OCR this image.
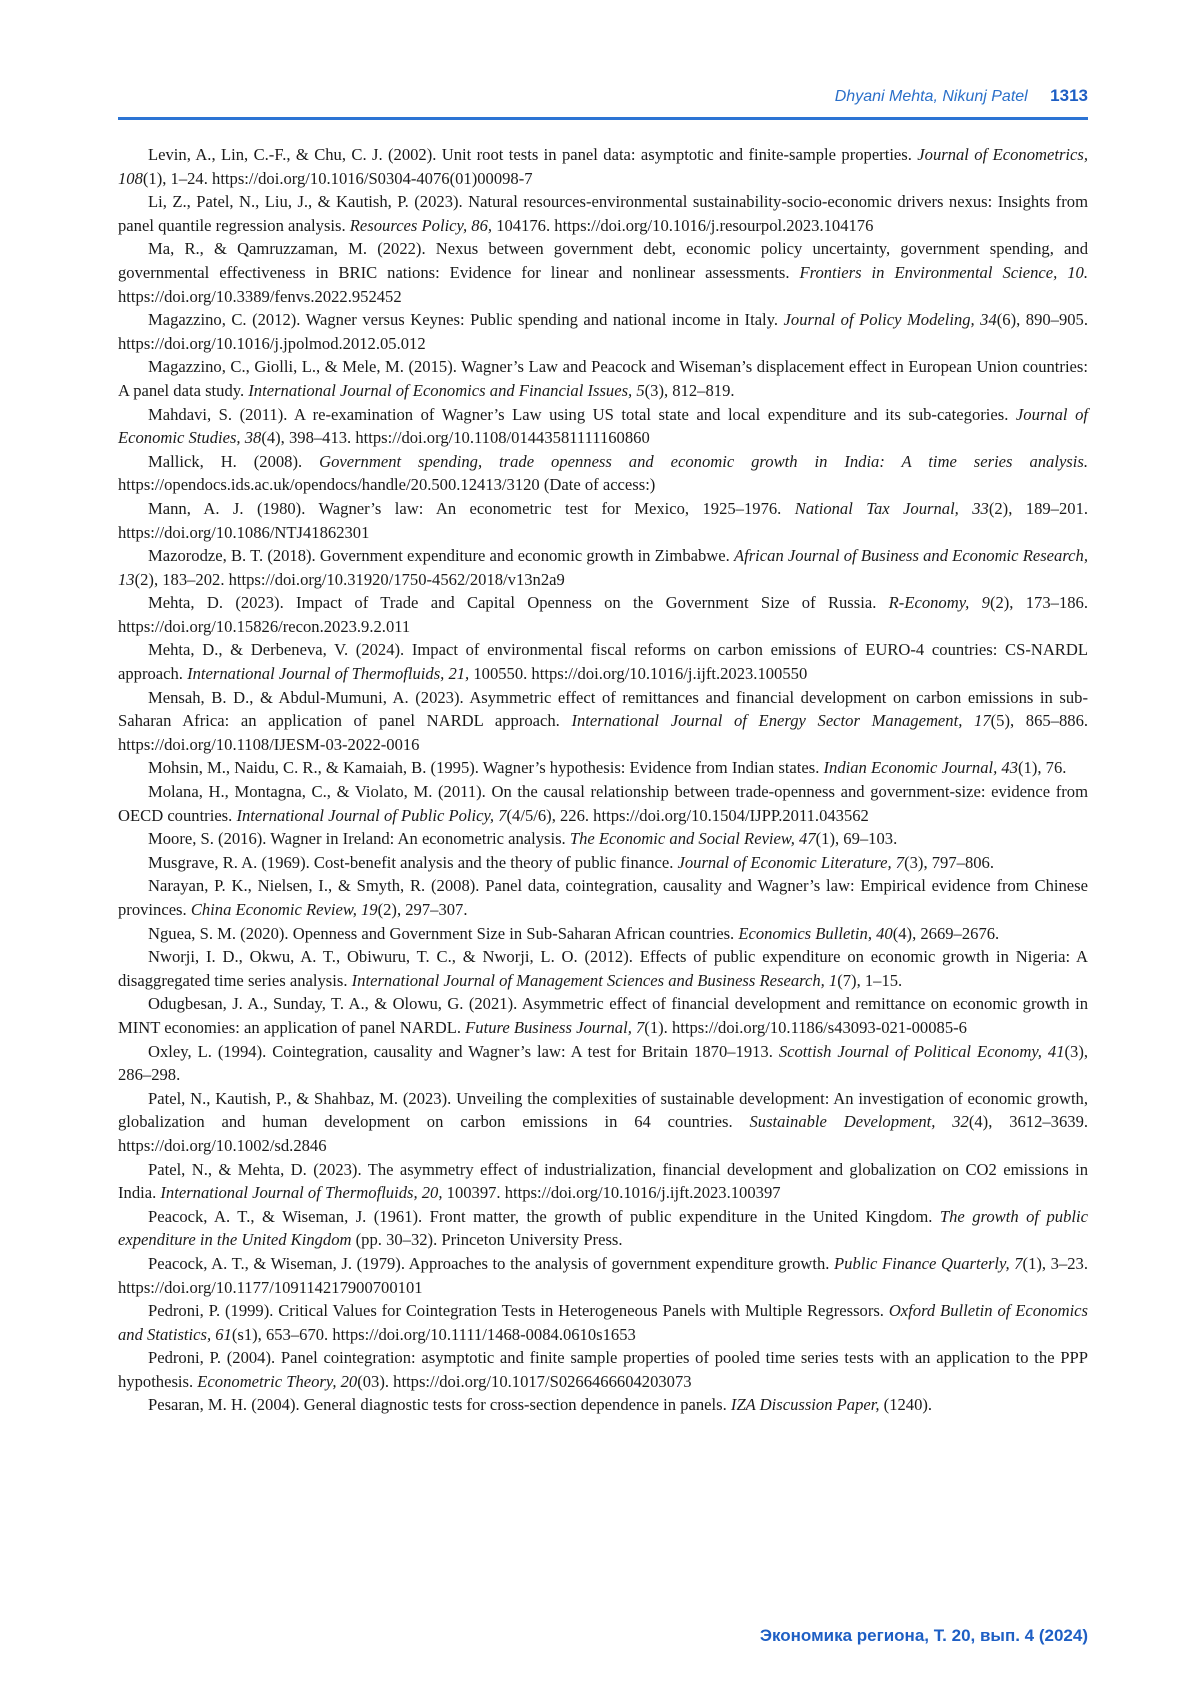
Dhyani Mehta, Nikunj Patel 1313

Levin, A., Lin, C.-F., & Chu, C. J. (2002). Unit root tests in panel data: asymptotic and finite-sample properties. Journal of Econometrics, 108(1), 1–24. https://doi.org/10.1016/S0304-4076(01)00098-7

Li, Z., Patel, N., Liu, J., & Kautish, P. (2023). Natural resources-environmental sustainability-socio-economic drivers nexus: Insights from panel quantile regression analysis. Resources Policy, 86, 104176. https://doi.org/10.1016/j.resourpol.2023.104176

Ma, R., & Qamruzzaman, M. (2022). Nexus between government debt, economic policy uncertainty, government spending, and governmental effectiveness in BRIC nations: Evidence for linear and nonlinear assessments. Frontiers in Environmental Science, 10. https://doi.org/10.3389/fenvs.2022.952452

Magazzino, C. (2012). Wagner versus Keynes: Public spending and national income in Italy. Journal of Policy Modeling, 34(6), 890–905. https://doi.org/10.1016/j.jpolmod.2012.05.012

Magazzino, C., Giolli, L., & Mele, M. (2015). Wagner’s Law and Peacock and Wiseman’s displacement effect in European Union countries: A panel data study. International Journal of Economics and Financial Issues, 5(3), 812–819.

Mahdavi, S. (2011). A re-examination of Wagner’s Law using US total state and local expenditure and its sub-categories. Journal of Economic Studies, 38(4), 398–413. https://doi.org/10.1108/01443581111160860

Mallick, H. (2008). Government spending, trade openness and economic growth in India: A time series analysis. https://opendocs.ids.ac.uk/opendocs/handle/20.500.12413/3120 (Date of access:)

Mann, A. J. (1980). Wagner’s law: An econometric test for Mexico, 1925–1976. National Tax Journal, 33(2), 189–201. https://doi.org/10.1086/NTJ41862301

Mazorodze, B. T. (2018). Government expenditure and economic growth in Zimbabwe. African Journal of Business and Economic Research, 13(2), 183–202. https://doi.org/10.31920/1750-4562/2018/v13n2a9

Mehta, D. (2023). Impact of Trade and Capital Openness on the Government Size of Russia. R-Economy, 9(2), 173–186. https://doi.org/10.15826/recon.2023.9.2.011

Mehta, D., & Derbeneva, V. (2024). Impact of environmental fiscal reforms on carbon emissions of EURO-4 countries: CS-NARDL approach. International Journal of Thermofluids, 21, 100550. https://doi.org/10.1016/j.ijft.2023.100550

Mensah, B. D., & Abdul-Mumuni, A. (2023). Asymmetric effect of remittances and financial development on carbon emissions in sub-Saharan Africa: an application of panel NARDL approach. International Journal of Energy Sector Management, 17(5), 865–886. https://doi.org/10.1108/IJESM-03-2022-0016

Mohsin, M., Naidu, C. R., & Kamaiah, B. (1995). Wagner’s hypothesis: Evidence from Indian states. Indian Economic Journal, 43(1), 76.

Molana, H., Montagna, C., & Violato, M. (2011). On the causal relationship between trade-openness and government-size: evidence from OECD countries. International Journal of Public Policy, 7(4/5/6), 226. https://doi.org/10.1504/IJPP.2011.043562

Moore, S. (2016). Wagner in Ireland: An econometric analysis. The Economic and Social Review, 47(1), 69–103.

Musgrave, R. A. (1969). Cost-benefit analysis and the theory of public finance. Journal of Economic Literature, 7(3), 797–806.

Narayan, P. K., Nielsen, I., & Smyth, R. (2008). Panel data, cointegration, causality and Wagner’s law: Empirical evidence from Chinese provinces. China Economic Review, 19(2), 297–307.

Nguea, S. M. (2020). Openness and Government Size in Sub-Saharan African countries. Economics Bulletin, 40(4), 2669–2676.

Nworji, I. D., Okwu, A. T., Obiwuru, T. C., & Nworji, L. O. (2012). Effects of public expenditure on economic growth in Nigeria: A disaggregated time series analysis. International Journal of Management Sciences and Business Research, 1(7), 1–15.

Odugbesan, J. A., Sunday, T. A., & Olowu, G. (2021). Asymmetric effect of financial development and remittance on economic growth in MINT economies: an application of panel NARDL. Future Business Journal, 7(1). https://doi.org/10.1186/s43093-021-00085-6

Oxley, L. (1994). Cointegration, causality and Wagner’s law: A test for Britain 1870–1913. Scottish Journal of Political Economy, 41(3), 286–298.

Patel, N., Kautish, P., & Shahbaz, M. (2023). Unveiling the complexities of sustainable development: An investigation of economic growth, globalization and human development on carbon emissions in 64 countries. Sustainable Development, 32(4), 3612–3639. https://doi.org/10.1002/sd.2846

Patel, N., & Mehta, D. (2023). The asymmetry effect of industrialization, financial development and globalization on CO2 emissions in India. International Journal of Thermofluids, 20, 100397. https://doi.org/10.1016/j.ijft.2023.100397

Peacock, A. T., & Wiseman, J. (1961). Front matter, the growth of public expenditure in the United Kingdom. The growth of public expenditure in the United Kingdom (pp. 30–32). Princeton University Press.

Peacock, A. T., & Wiseman, J. (1979). Approaches to the analysis of government expenditure growth. Public Finance Quarterly, 7(1), 3–23. https://doi.org/10.1177/109114217900700101

Pedroni, P. (1999). Critical Values for Cointegration Tests in Heterogeneous Panels with Multiple Regressors. Oxford Bulletin of Economics and Statistics, 61(s1), 653–670. https://doi.org/10.1111/1468-0084.0610s1653

Pedroni, P. (2004). Panel cointegration: asymptotic and finite sample properties of pooled time series tests with an application to the PPP hypothesis. Econometric Theory, 20(03). https://doi.org/10.1017/S0266466604203073

Pesaran, M. H. (2004). General diagnostic tests for cross-section dependence in panels. IZA Discussion Paper, (1240).

Экономика региона, Т. 20, вып. 4 (2024)
